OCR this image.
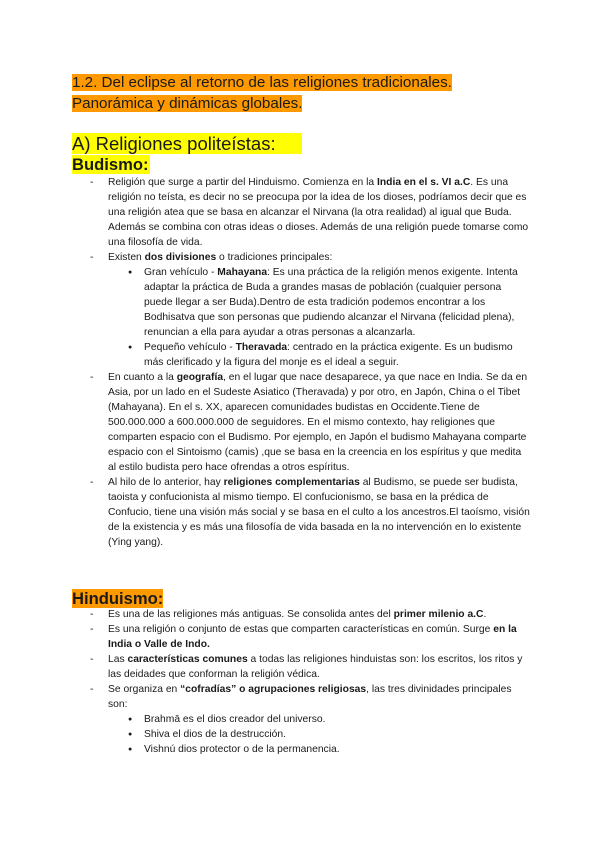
1.2. Del eclipse al retorno de las religiones tradicionales.
Panorámica y dinámicas globales.
A) Religiones politeístas:
Budismo:
- Religión que surge a partir del Hinduismo. Comienza en la India en el s. VI a.C. Es una religión no teísta, es decir no se preocupa por la idea de los dioses, podríamos decir que es una religión atea que se basa en alcanzar el Nirvana (la otra realidad) al igual que Buda. Además se combina con otras ideas o dioses. Además de una religión puede tomarse como una filosofía de vida.
- Existen dos divisiones o tradiciones principales:
● Gran vehículo - Mahayana: Es una práctica de la religión menos exigente. Intenta adaptar la práctica de Buda a grandes masas de población (cualquier persona puede llegar a ser Buda).Dentro de esta tradición podemos encontrar a los Bodhisatva que son personas que pudiendo alcanzar el Nirvana (felicidad plena), renuncian a ella para ayudar a otras personas a alcanzarla.
● Pequeño vehículo - Theravada: centrado en la práctica exigente. Es un budismo más clerificado y la figura del monje es el ideal a seguir.
- En cuanto a la geografía, en el lugar que nace desaparece, ya que nace en India. Se da en Asia, por un lado en el Sudeste Asiatico (Theravada) y por otro, en Japón, China o el Tibet (Mahayana). En el s. XX, aparecen comunidades budistas en Occidente.Tiene de 500.000.000 a 600.000.000 de seguidores. En el mismo contexto, hay religiones que comparten espacio con el Budismo. Por ejemplo, en Japón el budismo Mahayana comparte espacio con el Sintoismo (camis) ,que se basa en la creencia en los espíritus y que medita al estilo budista pero hace ofrendas a otros espíritus.
- Al hilo de lo anterior, hay religiones complementarias al Budismo, se puede ser budista, taoista y confucionista al mismo tiempo. El confucionismo, se basa en la prédica de Confucio, tiene una visión más social y se basa en el culto a los ancestros.El taoísmo, visión de la existencia y es más una filosofía de vida basada en la no intervención en lo existente (Ying yang).
Hinduismo:
- Es una de las religiones más antiguas. Se consolida antes del primer milenio a.C.
- Es una religión o conjunto de estas que comparten características en común. Surge en la India o Valle de Indo.
- Las características comunes a todas las religiones hinduistas son: los escritos, los ritos y las deidades que conforman la religión védica.
- Se organiza en “cofradías” o agrupaciones religiosas, las tres divinidades principales son:
● Brahmā es el dios creador del universo.
● Shiva el dios de la destrucción.
● Vishnú dios protector o de la permanencia.
